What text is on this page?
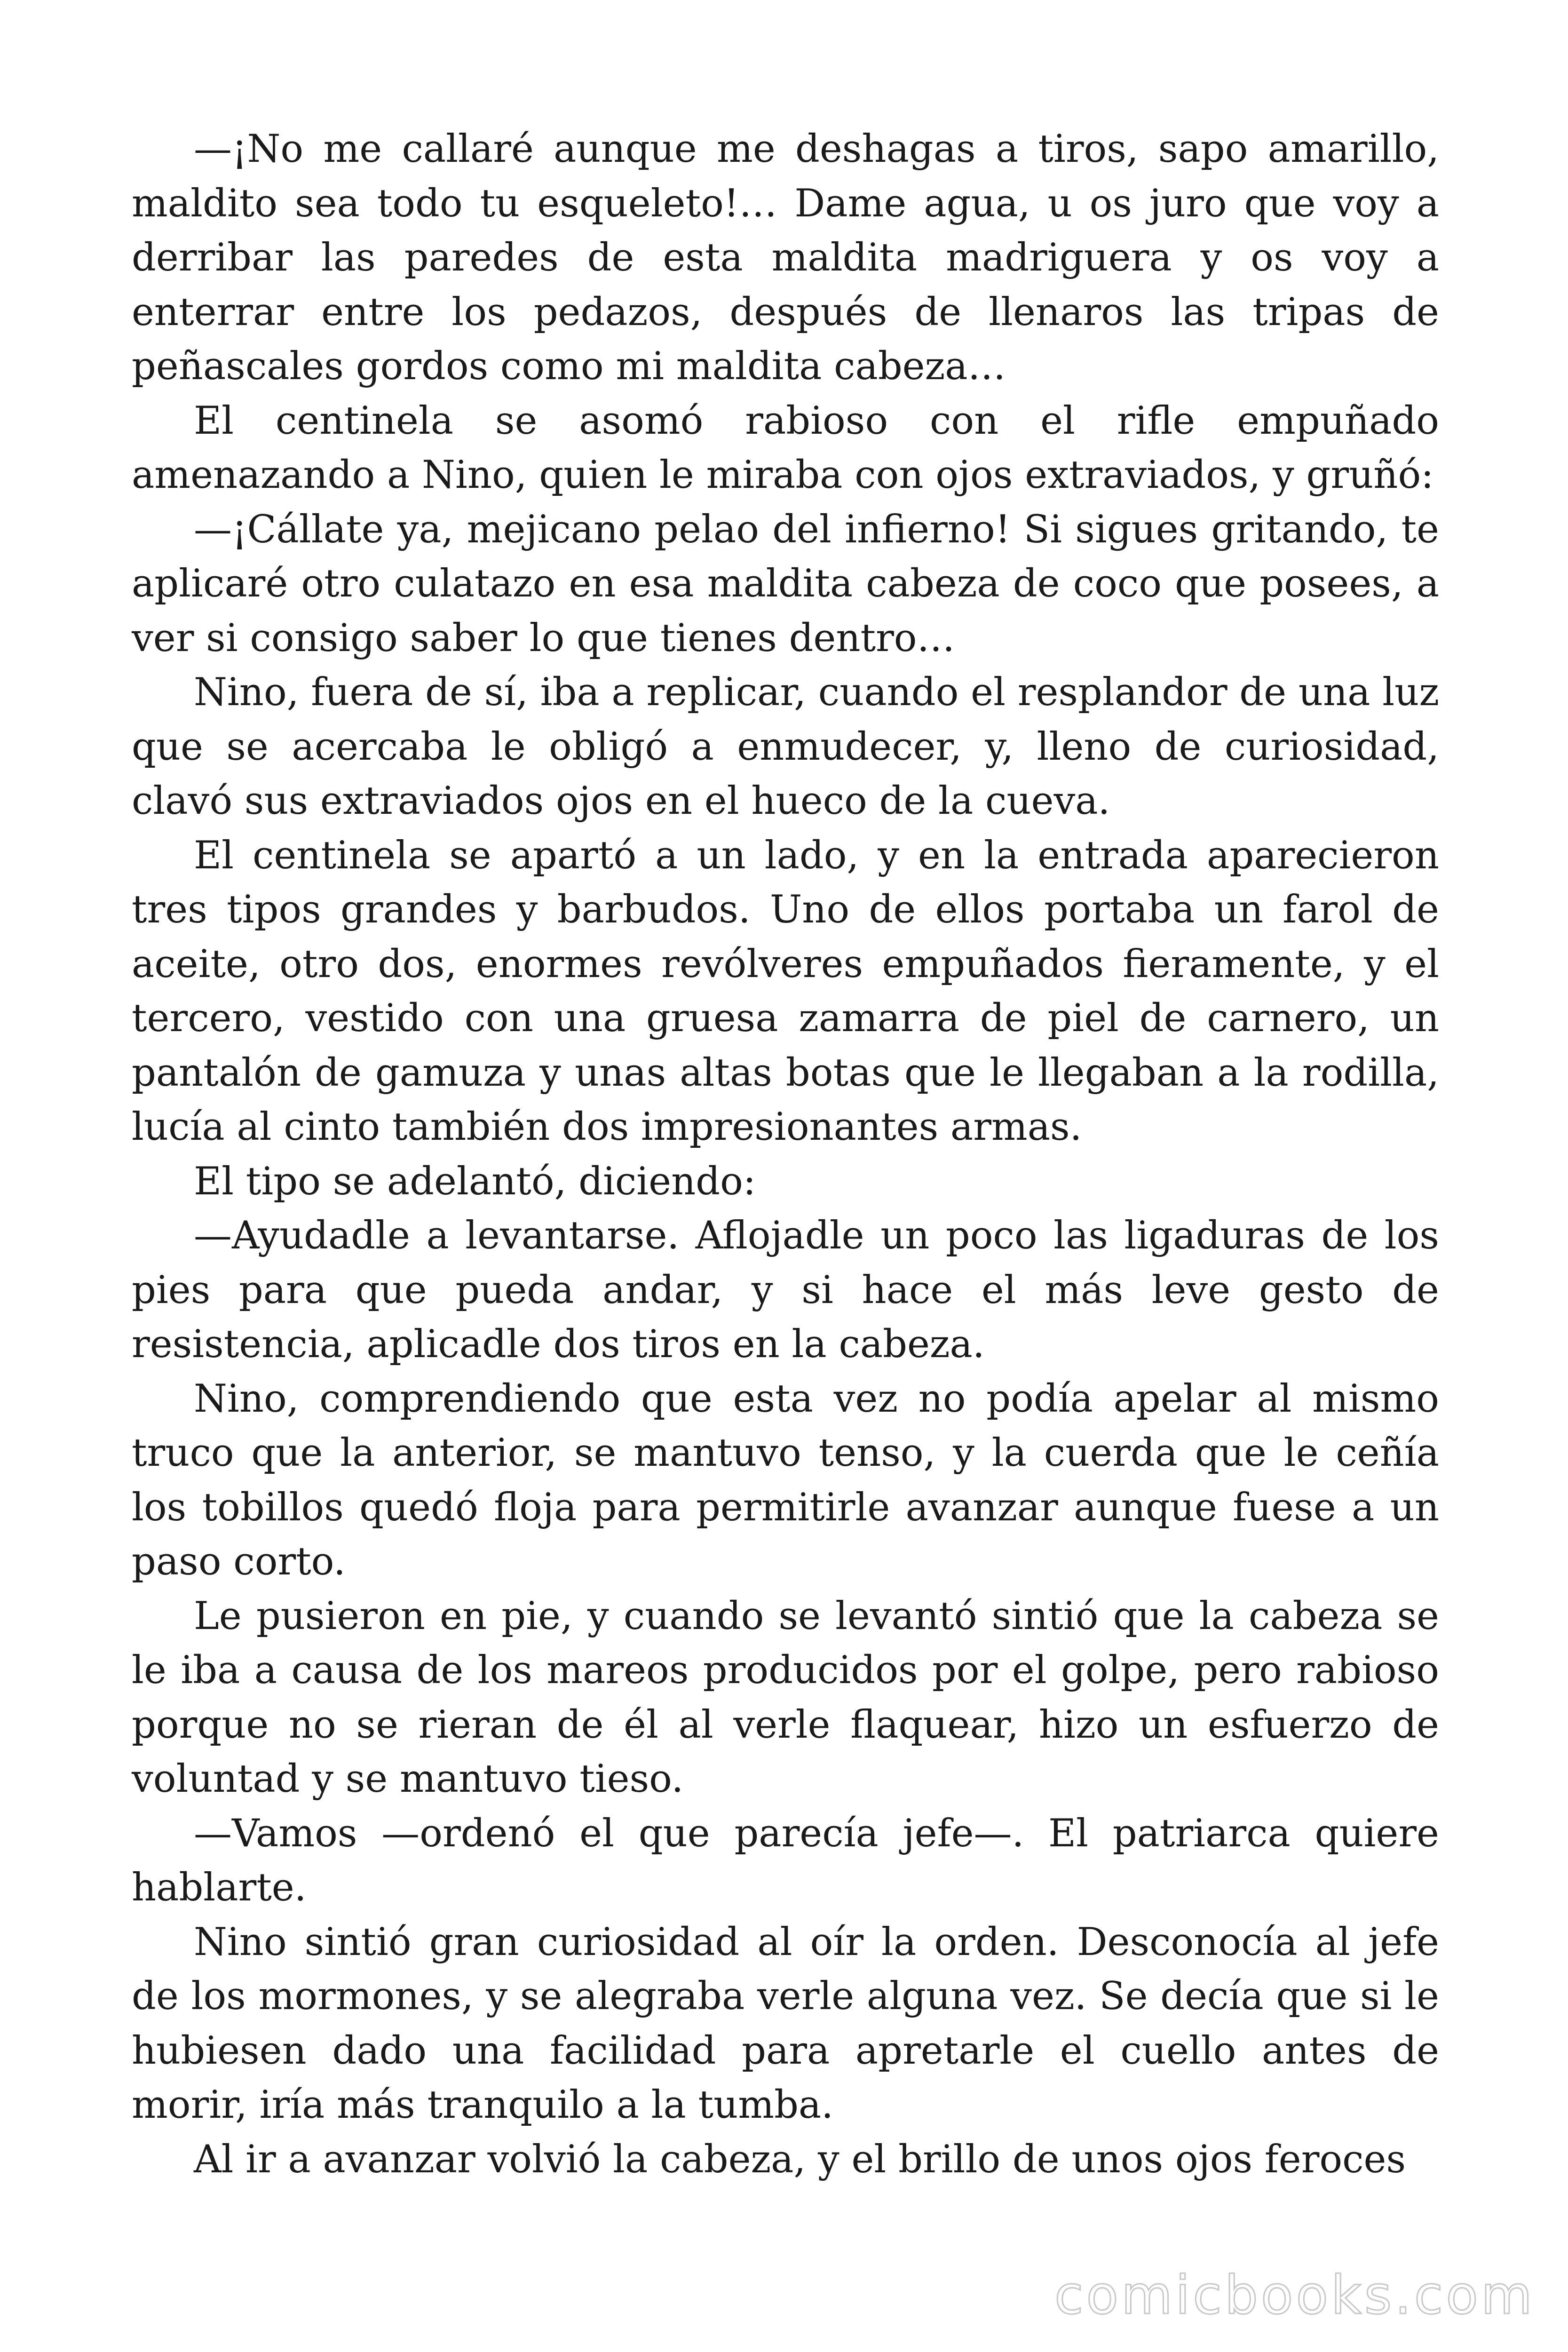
—¡No me callaré aunque me deshagas a tiros, sapo amarillo, maldito sea todo tu esqueleto!… Dame agua, u os juro que voy a derribar las paredes de esta maldita madriguera y os voy a enterrar entre los pedazos, después de llenaros las tripas de peñascales gordos como mi maldita cabeza…

El centinela se asomó rabioso con el rifle empuñado amenazando a Nino, quien le miraba con ojos extraviados, y gruñó:

—¡Cállate ya, mejicano pelao del infierno! Si sigues gritando, te aplicaré otro culatazo en esa maldita cabeza de coco que posees, a ver si consigo saber lo que tienes dentro…

Nino, fuera de sí, iba a replicar, cuando el resplandor de una luz que se acercaba le obligó a enmudecer, y, lleno de curiosidad, clavó sus extraviados ojos en el hueco de la cueva.

El centinela se apartó a un lado, y en la entrada aparecieron tres tipos grandes y barbudos. Uno de ellos portaba un farol de aceite, otro dos, enormes revólveres empuñados fieramente, y el tercero, vestido con una gruesa zamarra de piel de carnero, un pantalón de gamuza y unas altas botas que le llegaban a la rodilla, lucía al cinto también dos impresionantes armas.

El tipo se adelantó, diciendo:

—Ayudadle a levantarse. Aflojadle un poco las ligaduras de los pies para que pueda andar, y si hace el más leve gesto de resistencia, aplicadle dos tiros en la cabeza.

Nino, comprendiendo que esta vez no podía apelar al mismo truco que la anterior, se mantuvo tenso, y la cuerda que le ceñía los tobillos quedó floja para permitirle avanzar aunque fuese a un paso corto.

Le pusieron en pie, y cuando se levantó sintió que la cabeza se le iba a causa de los mareos producidos por el golpe, pero rabioso porque no se rieran de él al verle flaquear, hizo un esfuerzo de voluntad y se mantuvo tieso.

—Vamos —ordenó el que parecía jefe—. El patriarca quiere hablarte.

Nino sintió gran curiosidad al oír la orden. Desconocía al jefe de los mormones, y se alegraba verle alguna vez. Se decía que si le hubiesen dado una facilidad para apretarle el cuello antes de morir, iría más tranquilo a la tumba.

Al ir a avanzar volvió la cabeza, y el brillo de unos ojos feroces

comicbooks.com
